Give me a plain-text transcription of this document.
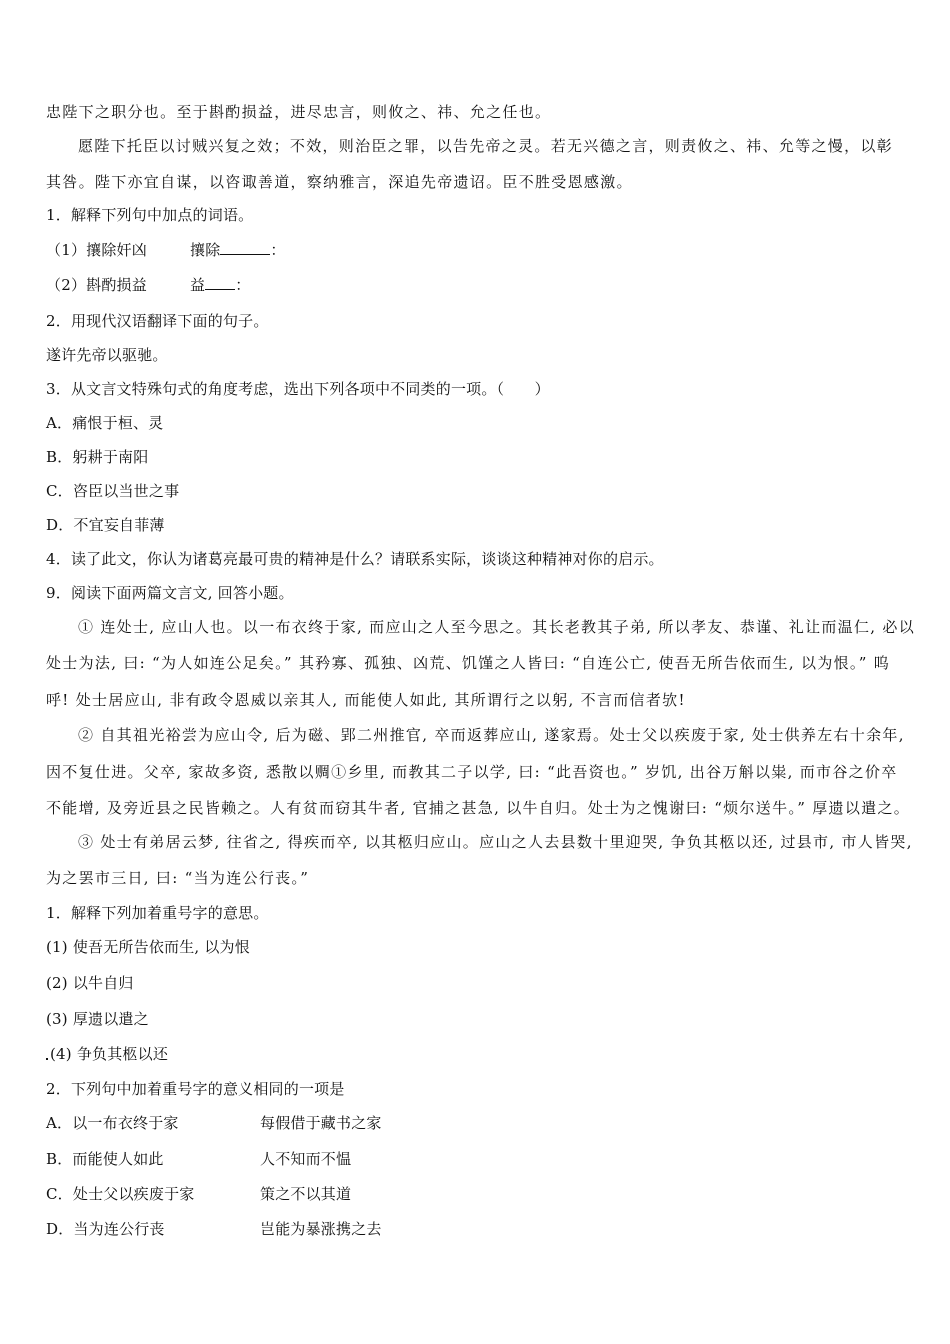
忠陛下之职分也。至于斟酌损益，进尽忠言，则攸之、祎、允之任也。
愿陛下托臣以讨贼兴复之效；不效，则治臣之罪，以告先帝之灵。若无兴德之言，则责攸之、祎、允等之慢，以彰
其咎。陛下亦宜自谋，以咨诹善道，察纳雅言，深追先帝遗诏。臣不胜受恩感激。
1．解释下列句中加点的词语。
（1）攘除奸凶	攘除	：
（2）斟酌损益	益 ：
2．用现代汉语翻译下面的句子。
遂许先帝以驱驰。
3．从文言文特殊句式的角度考虑，选出下列各项中不同类的一项。（　　）
A．痛恨于桓、灵
B．躬耕于南阳
C．咨臣以当世之事
D．不宜妄自菲薄
4．读了此文，你认为诸葛亮最可贵的精神是什么？请联系实际，谈谈这种精神对你的启示。
9．阅读下面两篇文言文, 回答小题。
① 连处士, 应山人也。以一布衣终于家, 而应山之人至今思之。其长老教其子弟, 所以孝友、恭谨、礼让而温仁, 必以
处士为法, 曰: “为人如连公足矣。” 其矜寡、孤独、凶荒、饥馑之人皆曰: “自连公亡, 使吾无所告依而生, 以为恨。” 呜
呼! 处士居应山, 非有政令恩威以亲其人, 而能使人如此, 其所谓行之以躬, 不言而信者欤!
② 自其祖光裕尝为应山令, 后为磁、郢二州推官, 卒而返葬应山, 遂家焉。处士父以疾废于家, 处士供养左右十余年,
因不复仕进。父卒, 家故多资, 悉散以赒①乡里, 而教其二子以学, 曰: “此吾资也。” 岁饥, 出谷万斛以粜, 而市谷之价卒
不能增, 及旁近县之民皆赖之。人有贫而窃其牛者, 官捕之甚急, 以牛自归。处士为之愧谢曰: “烦尔送牛。” 厚遗以遣之。
③ 处士有弟居云梦, 往省之, 得疾而卒, 以其柩归应山。应山之人去县数十里迎哭, 争负其柩以还, 过县市, 市人皆哭,
为之罢市三日, 曰: “当为连公行丧。”
1．解释下列加着重号字的意思。
(1) 使吾无所告依而生, 以为恨
(2) 以牛自归
(3) 厚遗以遣之
(4) 争负其柩以还
2．下列句中加着重号字的意义相同的一项是
A．以一布衣终于家	每假借于藏书之家
B．而能使人如此	人不知而不愠
C．处士父以疾废于家	策之不以其道
D．当为连公行丧	岂能为暴涨携之去
